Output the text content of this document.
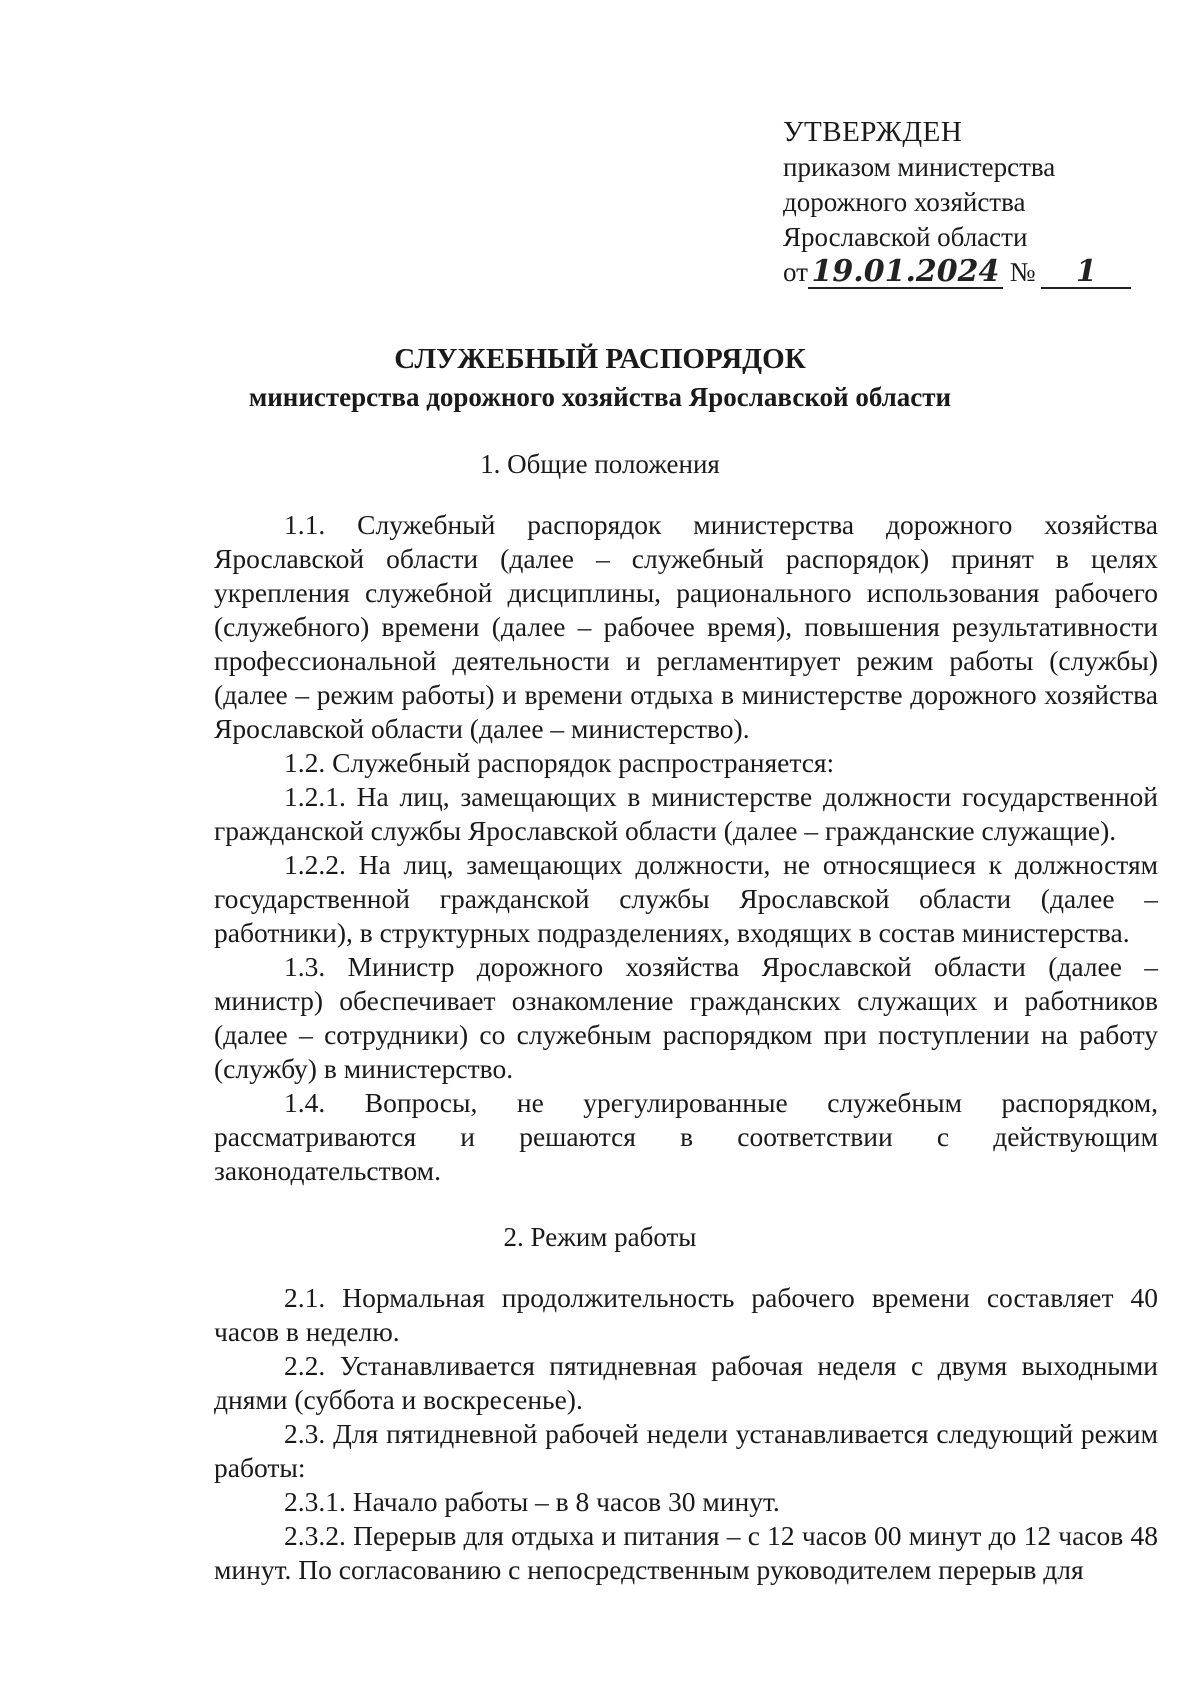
УТВЕРЖДЕН
приказом министерства
дорожного хозяйства
Ярославской области
от 19.01.2024 № 1
СЛУЖЕБНЫЙ РАСПОРЯДОК
министерства дорожного хозяйства Ярославской области
1. Общие положения

1.1. Служебный распорядок министерства дорожного хозяйства Ярославской области (далее – служебный распорядок) принят в целях укрепления служебной дисциплины, рационального использования рабочего (служебного) времени (далее – рабочее время), повышения результативности профессиональной деятельности и регламентирует режим работы (службы) (далее – режим работы) и времени отдыха в министерстве дорожного хозяйства Ярославской области (далее – министерство).

1.2. Служебный распорядок распространяется:

1.2.1. На лиц, замещающих в министерстве должности государственной гражданской службы Ярославской области (далее – гражданские служащие).

1.2.2. На лиц, замещающих должности, не относящиеся к должностям государственной гражданской службы Ярославской области (далее – работники), в структурных подразделениях, входящих в состав министерства.

1.3. Министр дорожного хозяйства Ярославской области (далее – министр) обеспечивает ознакомление гражданских служащих и работников (далее – сотрудники) со служебным распорядком при поступлении на работу (службу) в министерство.

1.4. Вопросы, не урегулированные служебным распорядком, рассматриваются и решаются в соответствии с действующим законодательством.

2. Режим работы

2.1. Нормальная продолжительность рабочего времени составляет 40 часов в неделю.

2.2. Устанавливается пятидневная рабочая неделя с двумя выходными днями (суббота и воскресенье).

2.3. Для пятидневной рабочей недели устанавливается следующий режим работы:

2.3.1. Начало работы – в 8 часов 30 минут.

2.3.2. Перерыв для отдыха и питания – с 12 часов 00 минут до 12 часов 48 минут. По согласованию с непосредственным руководителем перерыв для
